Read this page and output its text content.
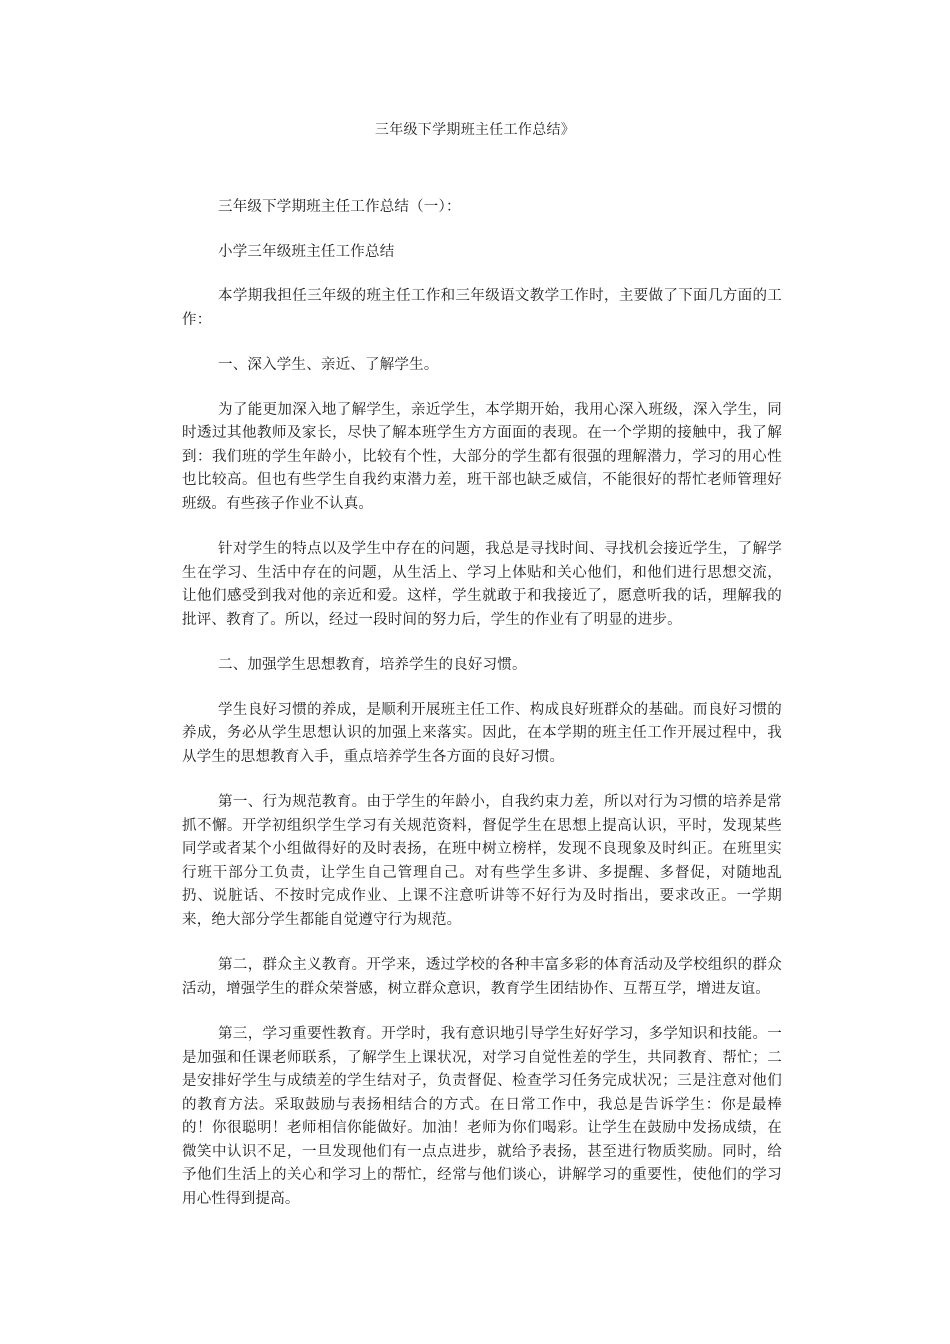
三年级下学期班主任工作总结》

三年级下学期班主任工作总结（一）：

小学三年级班主任工作总结

本学期我担任三年级的班主任工作和三年级语文教学工作时，主要做了下面几方面的工作：

一、深入学生、亲近、了解学生。

为了能更加深入地了解学生，亲近学生，本学期开始，我用心深入班级，深入学生，同时透过其他教师及家长，尽快了解本班学生方方面面的表现。在一个学期的接触中，我了解到：我们班的学生年龄小，比较有个性，大部分的学生都有很强的理解潜力，学习的用心性也比较高。但也有些学生自我约束潜力差，班干部也缺乏威信，不能很好的帮忙老师管理好班级。有些孩子作业不认真。

针对学生的特点以及学生中存在的问题，我总是寻找时间、寻找机会接近学生，了解学生在学习、生活中存在的问题，从生活上、学习上体贴和关心他们，和他们进行思想交流，让他们感受到我对他的亲近和爱。这样，学生就敢于和我接近了，愿意听我的话，理解我的批评、教育了。所以，经过一段时间的努力后，学生的作业有了明显的进步。

二、加强学生思想教育，培养学生的良好习惯。

学生良好习惯的养成，是顺利开展班主任工作、构成良好班群众的基础。而良好习惯的养成，务必从学生思想认识的加强上来落实。因此，在本学期的班主任工作开展过程中，我从学生的思想教育入手，重点培养学生各方面的良好习惯。

第一、行为规范教育。由于学生的年龄小，自我约束力差，所以对行为习惯的培养是常抓不懈。开学初组织学生学习有关规范资料，督促学生在思想上提高认识，平时，发现某些同学或者某个小组做得好的及时表扬，在班中树立榜样，发现不良现象及时纠正。在班里实行班干部分工负责，让学生自己管理自己。对有些学生多讲、多提醒、多督促，对随地乱扔、说脏话、不按时完成作业、上课不注意听讲等不好行为及时指出，要求改正。一学期来，绝大部分学生都能自觉遵守行为规范。

第二，群众主义教育。开学来，透过学校的各种丰富多彩的体育活动及学校组织的群众活动，增强学生的群众荣誉感，树立群众意识，教育学生团结协作、互帮互学，增进友谊。

第三，学习重要性教育。开学时，我有意识地引导学生好好学习，多学知识和技能。一是加强和任课老师联系，了解学生上课状况，对学习自觉性差的学生，共同教育、帮忙；二是安排好学生与成绩差的学生结对子，负责督促、检查学习任务完成状况；三是注意对他们的教育方法。采取鼓励与表扬相结合的方式。在日常工作中，我总是告诉学生：你是最棒的！你很聪明！老师相信你能做好。加油！老师为你们喝彩。让学生在鼓励中发扬成绩，在微笑中认识不足，一旦发现他们有一点点进步，就给予表扬，甚至进行物质奖励。同时，给予他们生活上的关心和学习上的帮忙，经常与他们谈心，讲解学习的重要性，使他们的学习用心性得到提高。
